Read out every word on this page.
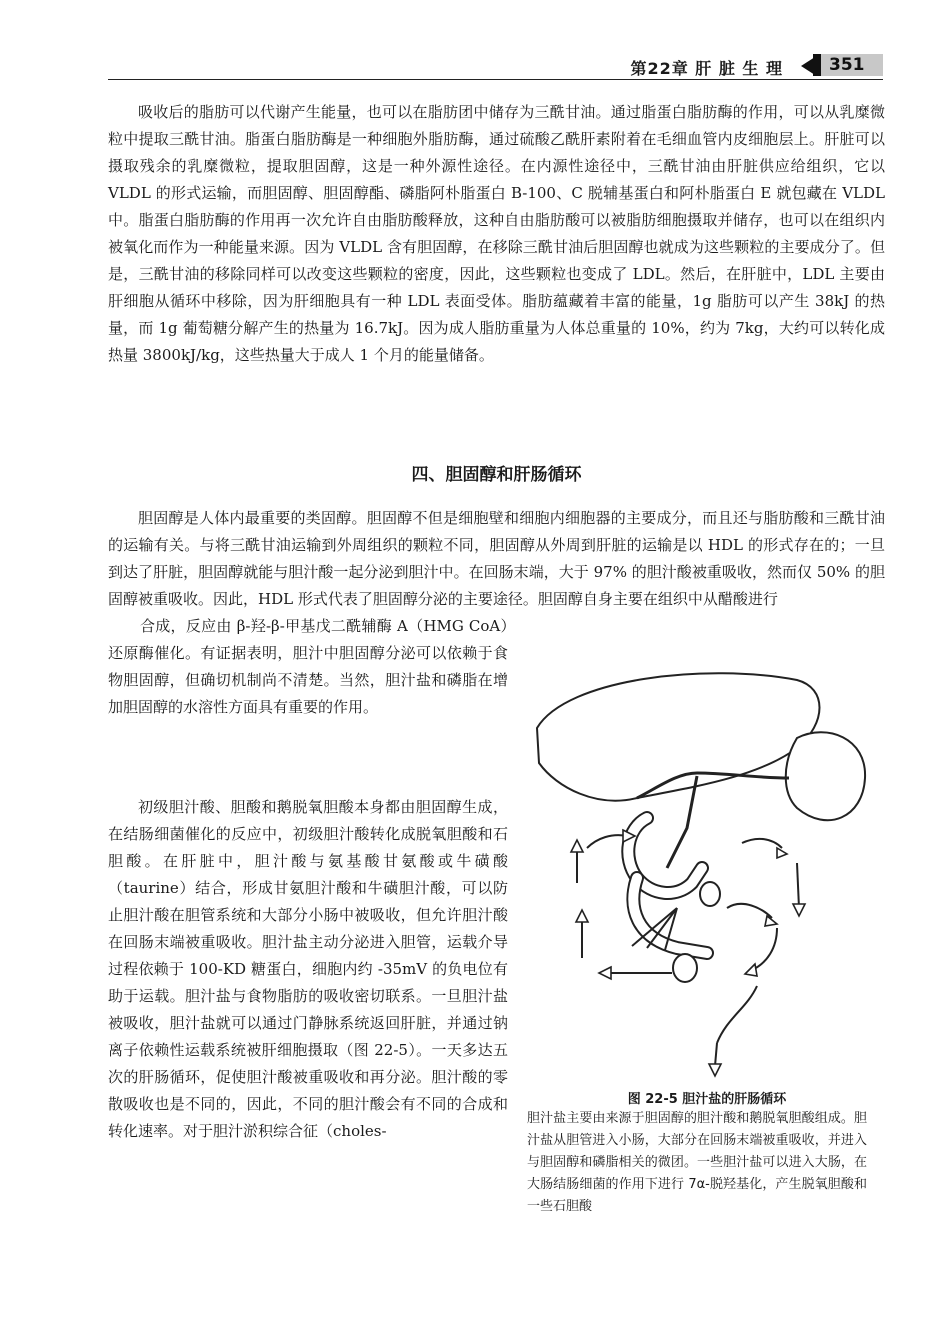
第22章 肝 脏 生 理	351

吸收后的脂肪可以代谢产生能量，也可以在脂肪团中储存为三酰甘油。通过脂蛋白脂肪酶的作用，可以从乳糜微粒中提取三酰甘油。脂蛋白脂肪酶是一种细胞外脂肪酶，通过硫酸乙酰肝素附着在毛细血管内皮细胞层上。肝脏可以摄取残余的乳糜微粒，提取胆固醇，这是一种外源性途径。在内源性途径中，三酰甘油由肝脏供应给组织，它以 VLDL 的形式运输，而胆固醇、胆固醇酯、磷脂阿朴脂蛋白 B-100、C 脱辅基蛋白和阿朴脂蛋白 E 就包藏在 VLDL 中。脂蛋白脂肪酶的作用再一次允许自由脂肪酸释放，这种自由脂肪酸可以被脂肪细胞摄取并储存，也可以在组织内被氧化而作为一种能量来源。因为 VLDL 含有胆固醇，在移除三酰甘油后胆固醇也就成为这些颗粒的主要成分了。但是，三酰甘油的移除同样可以改变这些颗粒的密度，因此，这些颗粒也变成了 LDL。然后，在肝脏中，LDL 主要由肝细胞从循环中移除，因为肝细胞具有一种 LDL 表面受体。脂肪蕴藏着丰富的能量，1g 脂肪可以产生 38kJ 的热量，而 1g 葡萄糖分解产生的热量为 16.7kJ。因为成人脂肪重量为人体总重量的 10%，约为 7kg，大约可以转化成热量 3800kJ/kg，这些热量大于成人 1 个月的能量储备。

四、胆固醇和肝肠循环

胆固醇是人体内最重要的类固醇。胆固醇不但是细胞壁和细胞内细胞器的主要成分，而且还与脂肪酸和三酰甘油的运输有关。与将三酰甘油运输到外周组织的颗粒不同，胆固醇从外周到肝脏的运输是以 HDL 的形式存在的；一旦到达了肝脏，胆固醇就能与胆汁酸一起分泌到胆汁中。在回肠末端，大于 97% 的胆汁酸被重吸收，然而仅 50% 的胆固醇被重吸收。因此，HDL 形式代表了胆固醇分泌的主要途径。胆固醇自身主要在组织中从醋酸进行

合成，反应由 β-羟-β-甲基戊二酰辅酶 A（HMG CoA）还原酶催化。有证据表明，胆汁中胆固醇分泌可以依赖于食物胆固醇，但确切机制尚不清楚。当然，胆汁盐和磷脂在增加胆固醇的水溶性方面具有重要的作用。

初级胆汁酸、胆酸和鹅脱氧胆酸本身都由胆固醇生成，在结肠细菌催化的反应中，初级胆汁酸转化成脱氧胆酸和石胆酸。在肝脏中，胆汁酸与氨基酸甘氨酸或牛磺酸（taurine）结合，形成甘氨胆汁酸和牛磺胆汁酸，可以防止胆汁酸在胆管系统和大部分小肠中被吸收，但允许胆汁酸在回肠末端被重吸收。胆汁盐主动分泌进入胆管，运载介导过程依赖于 100-KD 糖蛋白，细胞内约 -35mV 的负电位有助于运载。胆汁盐与食物脂肪的吸收密切联系。一旦胆汁盐被吸收，胆汁盐就可以通过门静脉系统返回肝脏，并通过钠离子依赖性运载系统被肝细胞摄取（图 22-5）。一天多达五次的肝肠循环，促使胆汁酸被重吸收和再分泌。胆汁酸的零散吸收也是不同的，因此，不同的胆汁酸会有不同的合成和转化速率。对于胆汁淤积综合征（choles-

图 22-5 胆汁盐的肝肠循环
胆汁盐主要由来源于胆固醇的胆汁酸和鹅脱氧胆酸组成。胆汁盐从胆管进入小肠，大部分在回肠末端被重吸收，并进入与胆固醇和磷脂相关的微团。一些胆汁盐可以进入大肠，在大肠结肠细菌的作用下进行 7α-脱羟基化，产生脱氧胆酸和一些石胆酸
